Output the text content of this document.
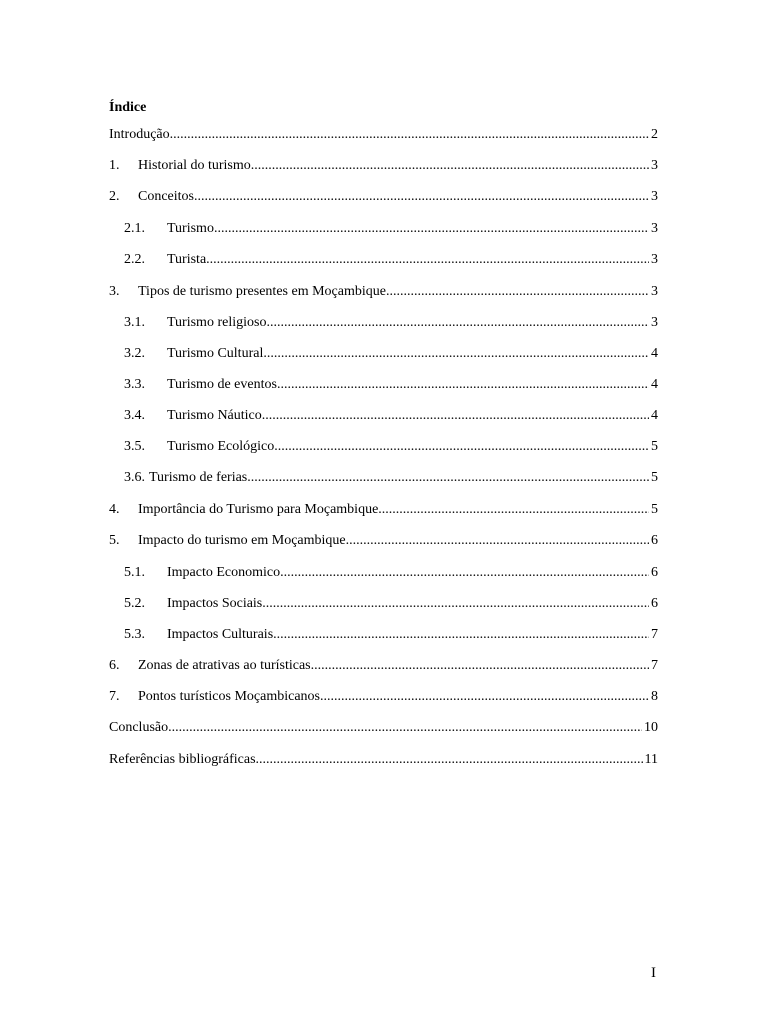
Índice
Introdução .....	2
1.	Historial do turismo .....	3
2.	Conceitos .....	3
2.1.	Turismo .....	3
2.2.	Turista .....	3
3.	Tipos de turismo presentes em Moçambique .....	3
3.1.	Turismo religioso .....	3
3.2.	Turismo Cultural .....	4
3.3.	Turismo de eventos .....	4
3.4.	Turismo Náutico .....	4
3.5.	Turismo Ecológico .....	5
3.6. Turismo de ferias .....	5
4.	Importância do Turismo para Moçambique .....	5
5.	Impacto do turismo em Moçambique .....	6
5.1.	Impacto Economico .....	6
5.2.	Impactos Sociais .....	6
5.3.	Impactos Culturais .....	7
6.	Zonas de atrativas ao turísticas .....	7
7.	Pontos turísticos Moçambicanos .....	8
Conclusão .....	10
Referências bibliográficas .....	11
I
